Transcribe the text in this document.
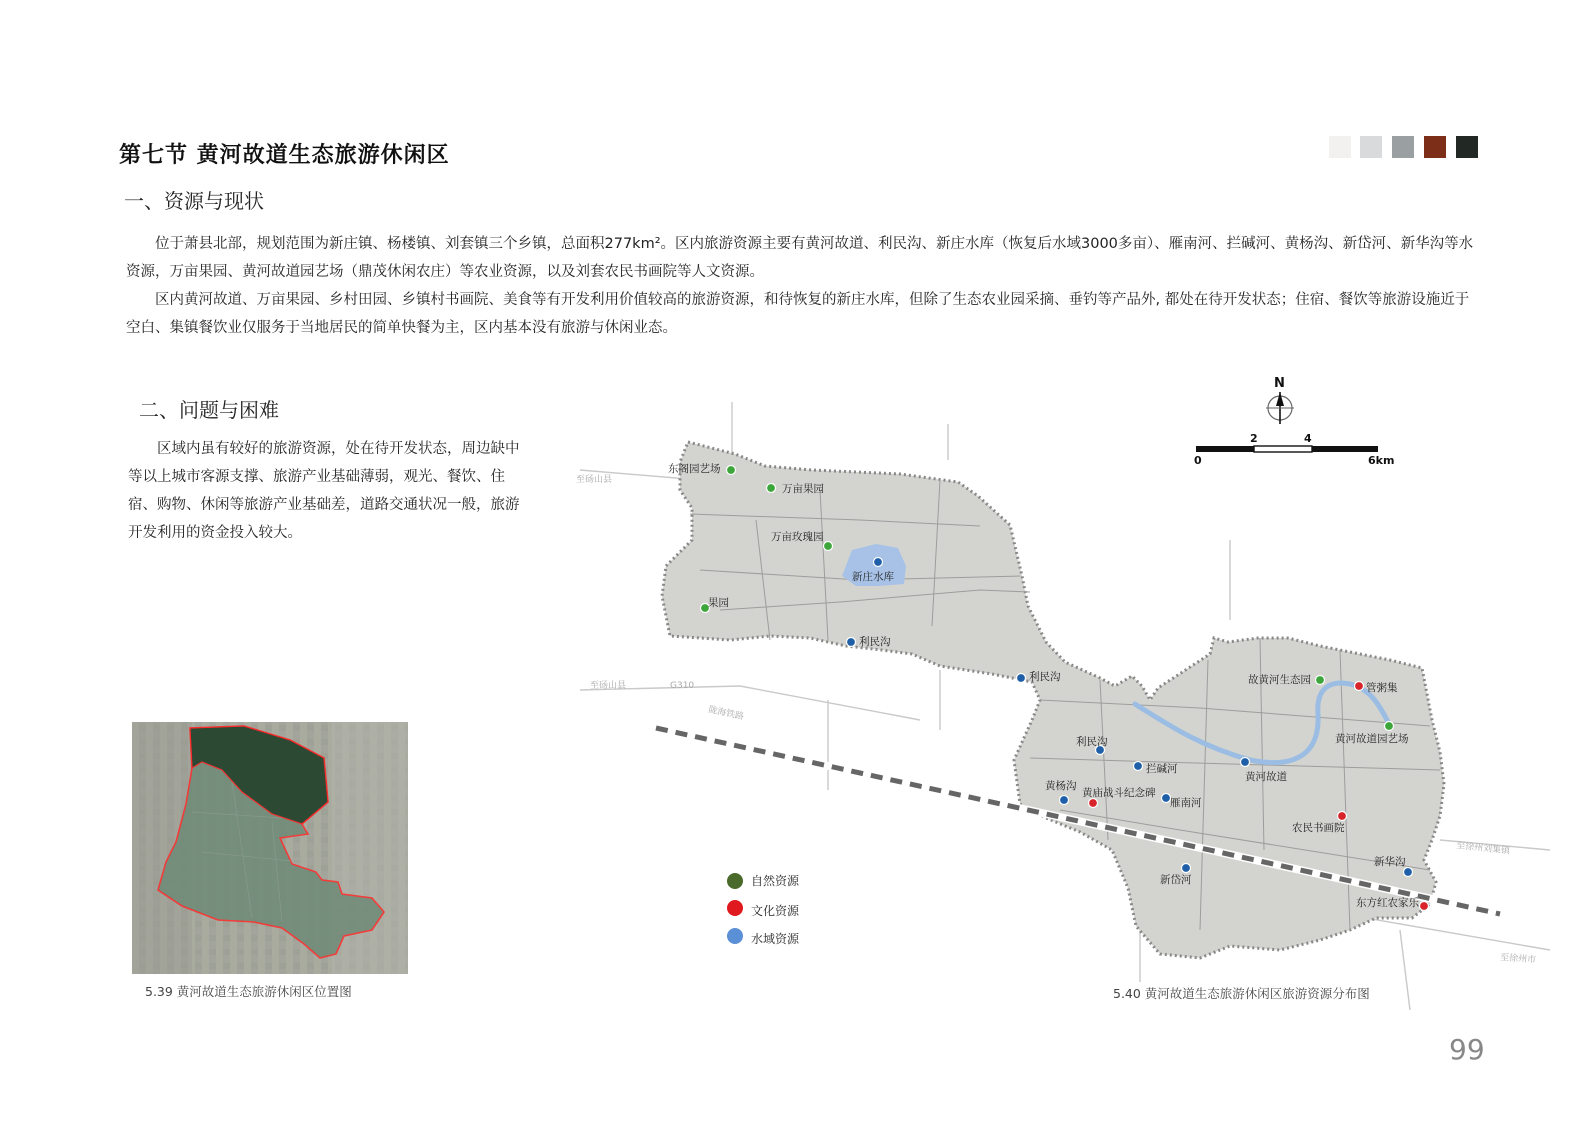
第七节 黄河故道生态旅游休闲区
一、资源与现状

位于萧县北部，规划范围为新庄镇、杨楼镇、刘套镇三个乡镇，总面积277km²。区内旅游资源主要有黄河故道、利民沟、新庄水库（恢复后水域3000多亩）、雁南河、拦碱河、黄杨沟、新岱河、新华沟等水资源，万亩果园、黄河故道园艺场（鼎茂休闲农庄）等农业资源，以及刘套农民书画院等人文资源。

区内黄河故道、万亩果园、乡村田园、乡镇村书画院、美食等有开发利用价值较高的旅游资源，和待恢复的新庄水库，但除了生态农业园采摘、垂钓等产品外, 都处在待开发状态；住宿、餐饮等旅游设施近于空白、集镇餐饮业仅服务于当地居民的简单快餐为主，区内基本没有旅游与休闲业态。

二、问题与困难

区域内虽有较好的旅游资源，处在待开发状态，周边缺中等以上城市客源支撑、旅游产业基础薄弱，观光、餐饮、住宿、购物、休闲等旅游产业基础差，道路交通状况一般，旅游开发利用的资金投入较大。

5.39 黄河故道生态旅游休闲区位置图
至砀山县
至砀山县	G310
陇海铁路
至徐州刘集镇
至徐州市
东阁园艺场
万亩果园
万亩玫瑰园
新庄水库
果园
利民沟
利民沟	故黄河生态园
管粥集
黄河故道园艺场
利民沟
拦碱河
黄河故道
黄杨沟
黄庙战斗纪念碑
雁南河
农民书画院
新岱河
新华沟
东方红农家乐
N
0
2	4
6km
自然资源
文化资源
水域资源
5.40 黄河故道生态旅游休闲区旅游资源分布图
99
